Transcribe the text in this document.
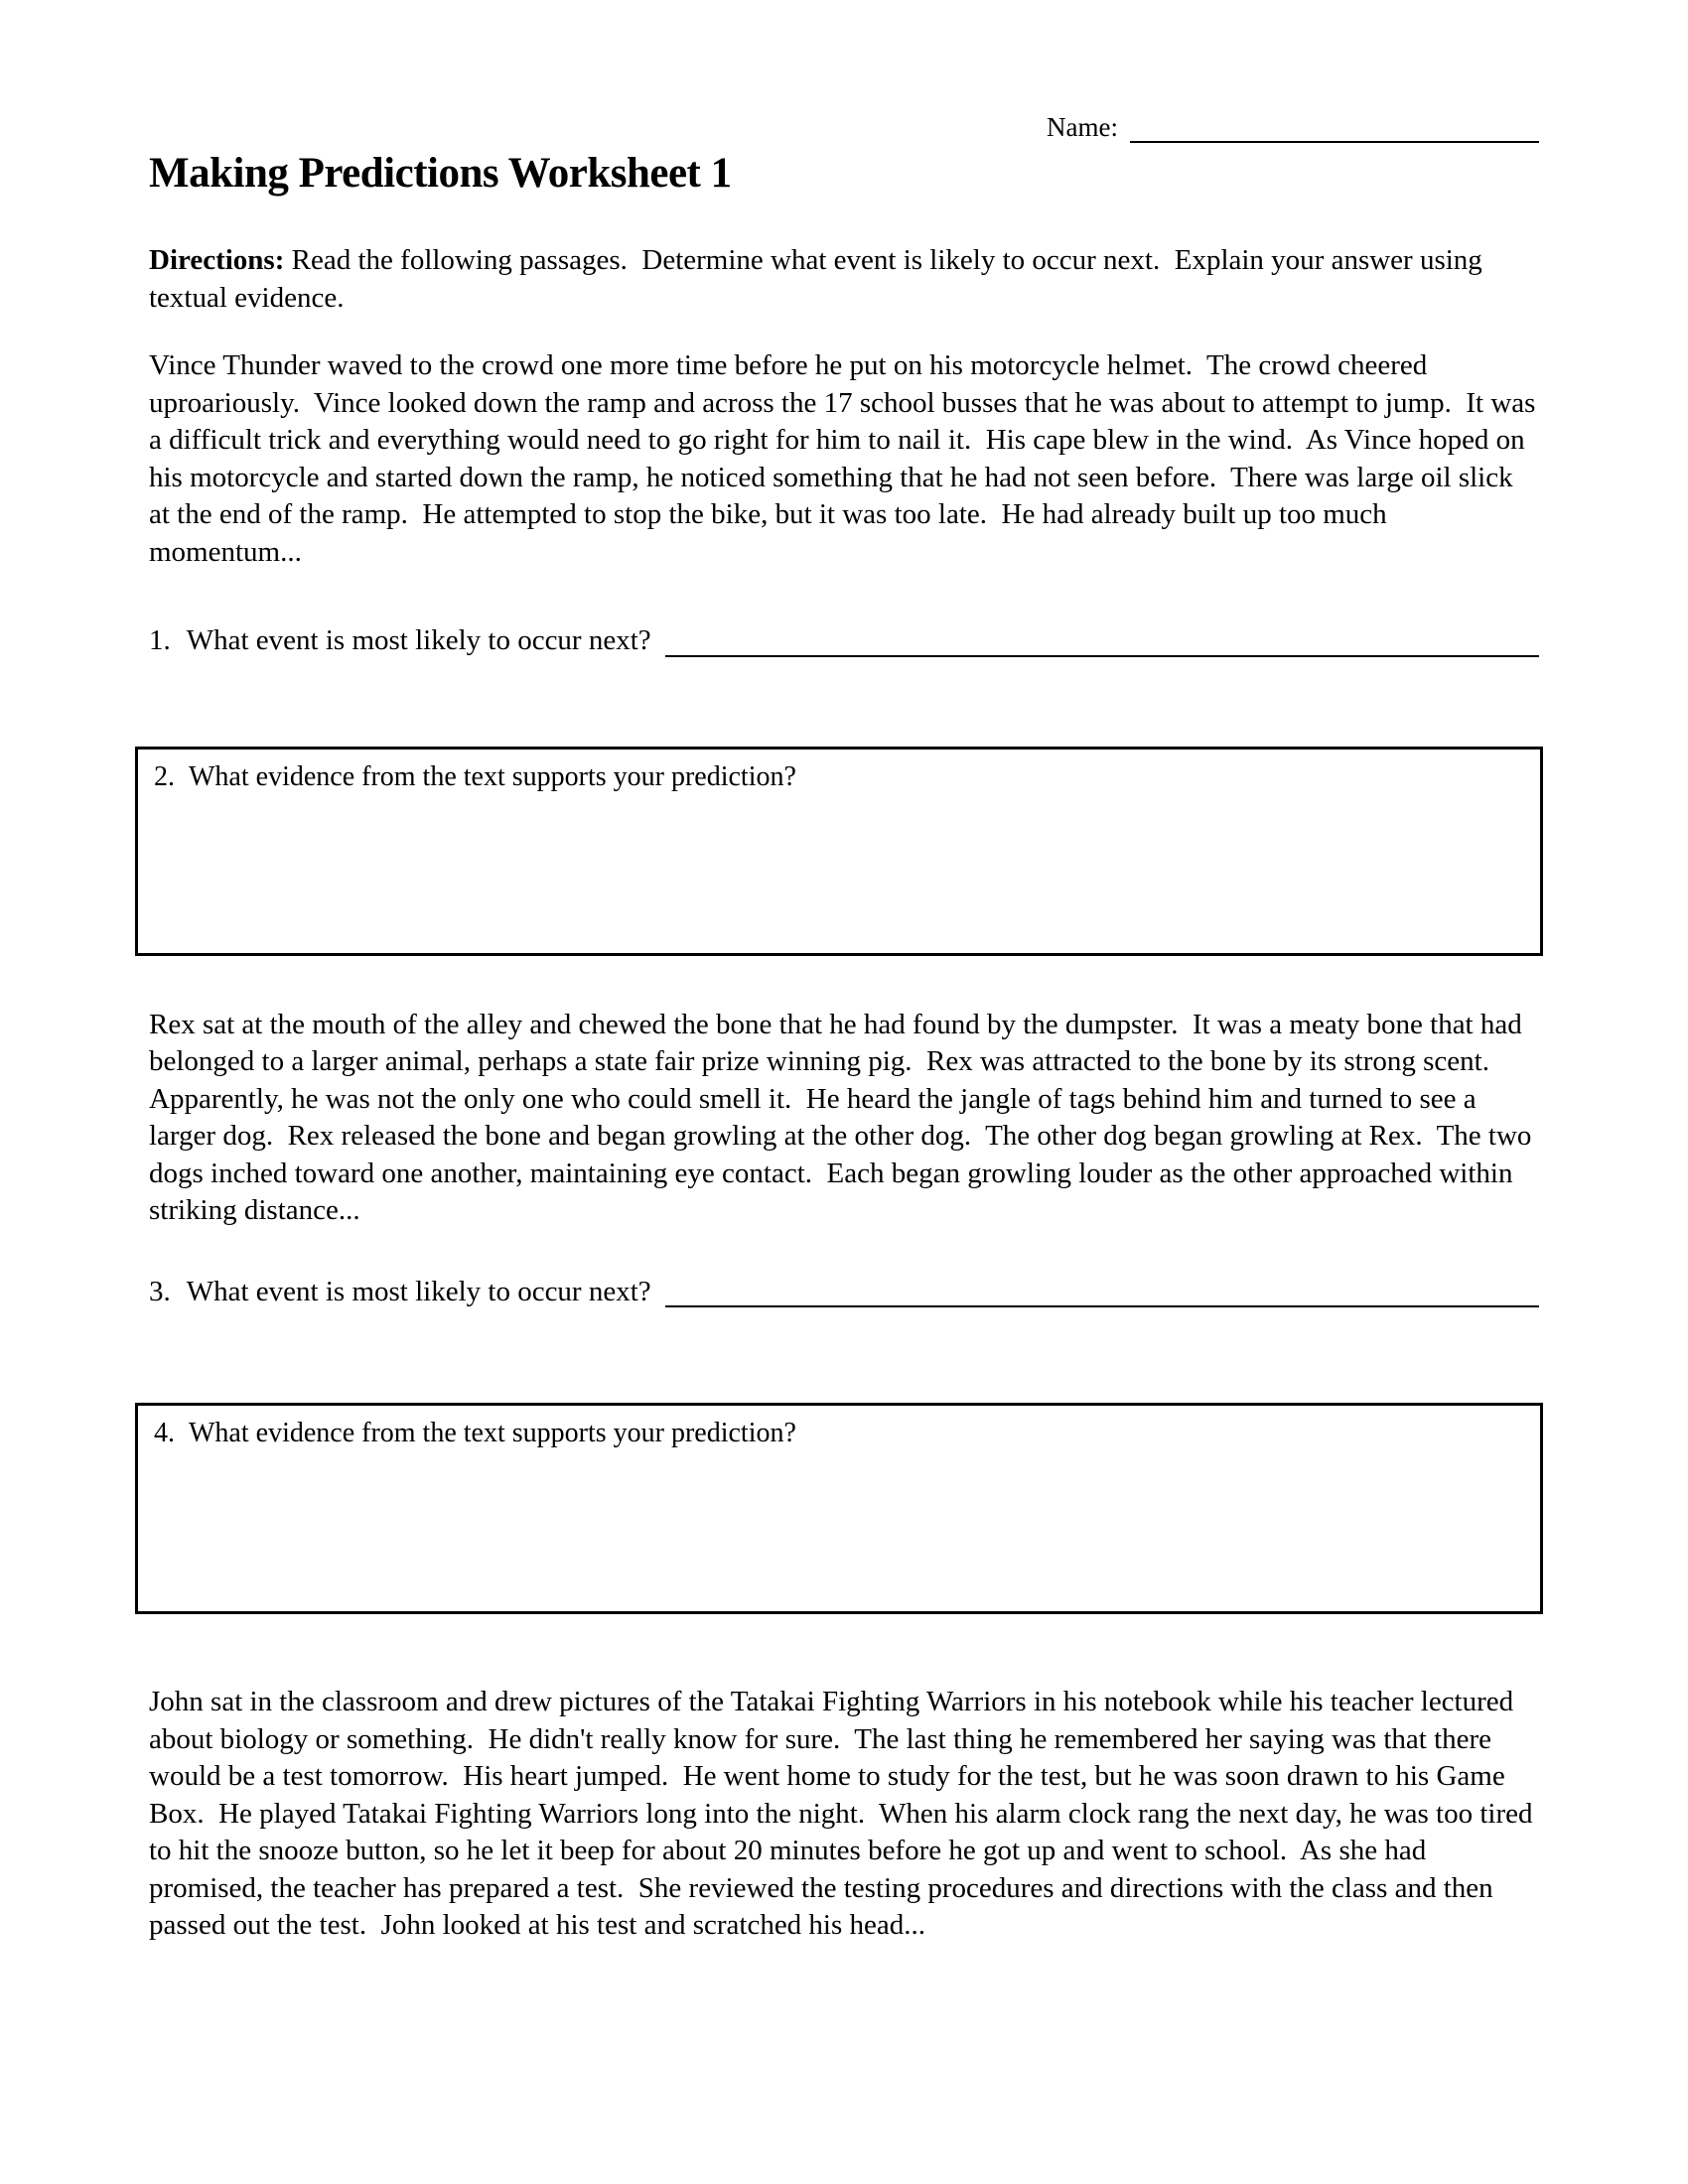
Name:
Making Predictions Worksheet 1

Directions: Read the following passages.  Determine what event is likely to occur next.  Explain your answer using textual evidence.

Vince Thunder waved to the crowd one more time before he put on his motorcycle helmet.  The crowd cheered uproariously.  Vince looked down the ramp and across the 17 school busses that he was about to attempt to jump.  It was a difficult trick and everything would need to go right for him to nail it.  His cape blew in the wind.  As Vince hoped on his motorcycle and started down the ramp, he noticed something that he had not seen before.  There was large oil slick at the end of the ramp.  He attempted to stop the bike, but it was too late.  He had already built up too much momentum...

1. What event is most likely to occur next?
2. What evidence from the text supports your prediction?

Rex sat at the mouth of the alley and chewed the bone that he had found by the dumpster.  It was a meaty bone that had belonged to a larger animal, perhaps a state fair prize winning pig.  Rex was attracted to the bone by its strong scent.  Apparently, he was not the only one who could smell it.  He heard the jangle of tags behind him and turned to see a larger dog.  Rex released the bone and began growling at the other dog.  The other dog began growling at Rex.  The two dogs inched toward one another, maintaining eye contact.  Each began growling louder as the other approached within striking distance...

3. What event is most likely to occur next?
4. What evidence from the text supports your prediction?

John sat in the classroom and drew pictures of the Tatakai Fighting Warriors in his notebook while his teacher lectured about biology or something.  He didn't really know for sure.  The last thing he remembered her saying was that there would be a test tomorrow.  His heart jumped.  He went home to study for the test, but he was soon drawn to his Game Box.  He played Tatakai Fighting Warriors long into the night.  When his alarm clock rang the next day, he was too tired to hit the snooze button, so he let it beep for about 20 minutes before he got up and went to school.  As she had promised, the teacher has prepared a test.  She reviewed the testing procedures and directions with the class and then passed out the test.  John looked at his test and scratched his head...
